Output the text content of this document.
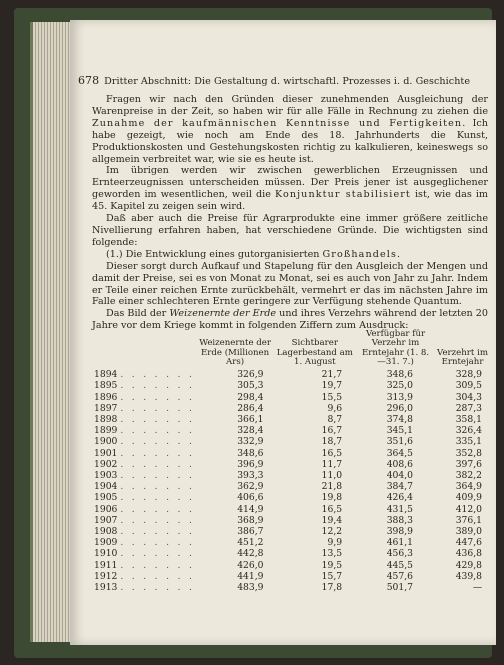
678 Dritter Abschnitt: Die Gestaltung d. wirtschaftl. Prozesses i. d. Geschichte

Fragen wir nach den Gründen dieser zunehmenden Ausgleichung der Warenpreise in der Zeit, so haben wir für alle Fälle in Rechnung zu ziehen die Zunahme der kaufmännischen Kenntnisse und Fertigkeiten. Ich habe gezeigt, wie noch am Ende des 18. Jahrhunderts die Kunst, Produktionskosten und Gestehungskosten richtig zu kalkulieren, keineswegs so allgemein verbreitet war, wie sie es heute ist.

Im übrigen werden wir zwischen gewerblichen Erzeugnissen und Ernteerzeugnissen unterscheiden müssen. Der Preis jener ist ausgeglichener geworden im wesentlichen, weil die Konjunktur stabilisiert ist, wie das im 45. Kapitel zu zeigen sein wird.

Daß aber auch die Preise für Agrarprodukte eine immer größere zeitliche Nivellierung erfahren haben, hat verschiedene Gründe. Die wichtigsten sind folgende:

(1.) Die Entwicklung eines gutorganisierten Großhandels.

Dieser sorgt durch Aufkauf und Stapelung für den Ausgleich der Mengen und damit der Preise, sei es von Monat zu Monat, sei es auch von Jahr zu Jahr. Indem er Teile einer reichen Ernte zurückbehält, vermehrt er das im nächsten Jahre im Falle einer schlechteren Ernte geringere zur Verfügung stehende Quantum.

Das Bild der Weizenernte der Erde und ihres Verzehrs während der letzten 20 Jahre vor dem Kriege kommt in folgenden Ziffern zum Ausdruck:

	Weizenernte der Erde (Millionen Ars)	Sichtbarer Lagerbestand am 1. August	Verfügbar für Verzehr im Erntejahr (1. 8.—31. 7.)	Verzehrt im Erntejahr
1894 . . . . . . .	326,9	21,7	348,6	328,9
1895 . . . . . . .	305,3	19,7	325,0	309,5
1896 . . . . . . .	298,4	15,5	313,9	304,3
1897 . . . . . . .	286,4	9,6	296,0	287,3
1898 . . . . . . .	366,1	8,7	374,8	358,1
1899 . . . . . . .	328,4	16,7	345,1	326,4
1900 . . . . . . .	332,9	18,7	351,6	335,1
1901 . . . . . . .	348,6	16,5	364,5	352,8
1902 . . . . . . .	396,9	11,7	408,6	397,6
1903 . . . . . . .	393,3	11,0	404,0	382,2
1904 . . . . . . .	362,9	21,8	384,7	364,9
1905 . . . . . . .	406,6	19,8	426,4	409,9
1906 . . . . . . .	414,9	16,5	431,5	412,0
1907 . . . . . . .	368,9	19,4	388,3	376,1
1908 . . . . . . .	386,7	12,2	398,9	389,0
1909 . . . . . . .	451,2	9,9	461,1	447,6
1910 . . . . . . .	442,8	13,5	456,3	436,8
1911 . . . . . . .	426,0	19,5	445,5	429,8
1912 . . . . . . .	441,9	15,7	457,6	439,8
1913 . . . . . . .	483,9	17,8	501,7	—
